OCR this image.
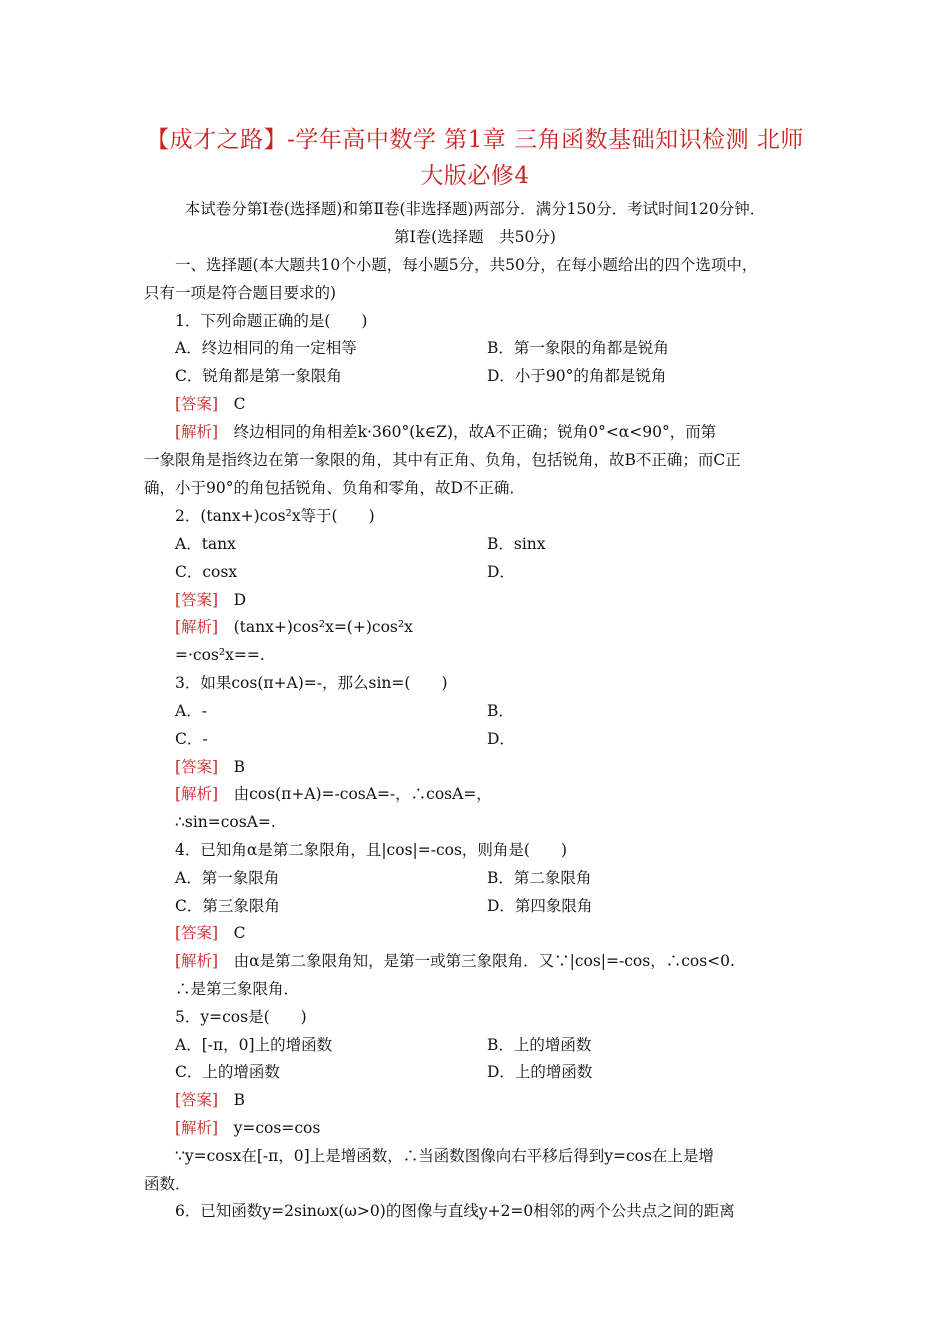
【成才之路】-学年高中数学 第1章 三角函数基础知识检测 北师
大版必修4
本试卷分第Ⅰ卷(选择题)和第Ⅱ卷(非选择题)两部分．满分150分．考试时间120分钟．
第Ⅰ卷(选择题　共50分)
一、选择题(本大题共10个小题，每小题5分，共50分，在每小题给出的四个选项中，
只有一项是符合题目要求的)
1．下列命题正确的是(　　)
A．终边相同的角一定相等	B．第一象限的角都是锐角
C．锐角都是第一象限角	D．小于90°的角都是锐角
[答案]　 C
[解析]　 终边相同的角相差k·360°(k∈Z)，故A不正确；锐角0°<α<90°，而第
一象限角是指终边在第一象限的角，其中有正角、负角，包括锐角，故B不正确；而C正
确，小于90°的角包括锐角、负角和零角，故D不正确．
2．(tanx+)cos²x等于(　　)
A．tanx	B．sinx
C．cosx	D．
[答案]　 D
[解析]　 (tanx+)cos²x=(+)cos²x
=·cos²x==.
3．如果cos(π+A)=-，那么sin=(　　)
A．-	B．
C．-	D．
[答案]　 B
[解析]　 由cos(π+A)=-cosA=-，∴cosA=，
∴sin=cosA=.
4．已知角α是第二象限角，且|cos|=-cos，则角是(　　)
A．第一象限角	B．第二象限角
C．第三象限角	D．第四象限角
[答案]　 C
[解析]　 由α是第二象限角知，是第一或第三象限角．又∵|cos|=-cos，∴cos<0.
∴是第三象限角．
5．y=cos是(　　)
A．[-π，0]上的增函数	B．上的增函数
C．上的增函数	D．上的增函数
[答案]　 B
[解析]　 y=cos=cos
∵y=cosx在[-π，0]上是增函数，∴当函数图像向右平移后得到y=cos在上是增
函数．
6．已知函数y=2sinωx(ω>0)的图像与直线y+2=0相邻的两个公共点之间的距离
